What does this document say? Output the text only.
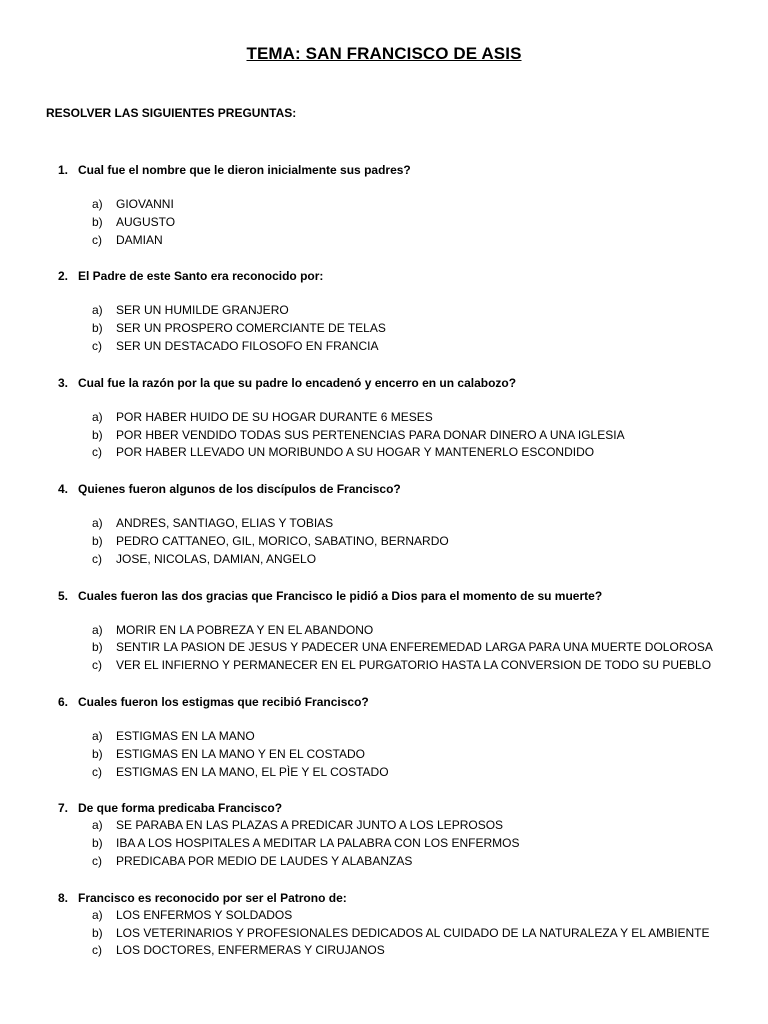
TEMA: SAN FRANCISCO DE ASIS
RESOLVER LAS SIGUIENTES PREGUNTAS:
1. Cual fue el nombre que le dieron inicialmente sus padres?
a) GIOVANNI
b) AUGUSTO
c) DAMIAN
2. El Padre de este Santo era reconocido por:
a) SER UN HUMILDE GRANJERO
b) SER UN PROSPERO COMERCIANTE DE TELAS
c) SER UN DESTACADO FILOSOFO EN FRANCIA
3. Cual fue la razón por la que su padre lo encadenó y encerro en un calabozo?
a) POR HABER HUIDO DE SU HOGAR DURANTE 6 MESES
b) POR HBER VENDIDO TODAS SUS PERTENENCIAS PARA DONAR DINERO A UNA IGLESIA
c) POR HABER LLEVADO UN MORIBUNDO A SU HOGAR Y MANTENERLO ESCONDIDO
4. Quienes fueron algunos de los discípulos de Francisco?
a) ANDRES, SANTIAGO, ELIAS Y TOBIAS
b) PEDRO CATTANEO, GIL, MORICO, SABATINO, BERNARDO
c) JOSE, NICOLAS, DAMIAN, ANGELO
5. Cuales fueron las dos gracias que Francisco le pidió a Dios para el momento de su muerte?
a) MORIR EN LA POBREZA Y EN EL ABANDONO
b) SENTIR LA PASION DE JESUS Y PADECER UNA ENFEREMEDAD LARGA PARA UNA MUERTE DOLOROSA
c) VER EL INFIERNO Y PERMANECER EN EL PURGATORIO HASTA LA CONVERSION DE TODO SU PUEBLO
6. Cuales fueron los estigmas que recibió Francisco?
a) ESTIGMAS EN LA MANO
b) ESTIGMAS EN LA MANO Y EN EL COSTADO
c) ESTIGMAS EN LA MANO, EL PÌE Y EL COSTADO
7. De que forma predicaba Francisco?
a) SE PARABA EN LAS PLAZAS A PREDICAR JUNTO A LOS LEPROSOS
b) IBA A LOS HOSPITALES A MEDITAR LA PALABRA CON LOS ENFERMOS
c) PREDICABA POR MEDIO DE LAUDES Y ALABANZAS
8. Francisco es reconocido por ser el Patrono de:
a) LOS ENFERMOS Y SOLDADOS
b) LOS VETERINARIOS Y PROFESIONALES DEDICADOS AL CUIDADO DE LA NATURALEZA Y EL AMBIENTE
c) LOS DOCTORES, ENFERMERAS Y CIRUJANOS
